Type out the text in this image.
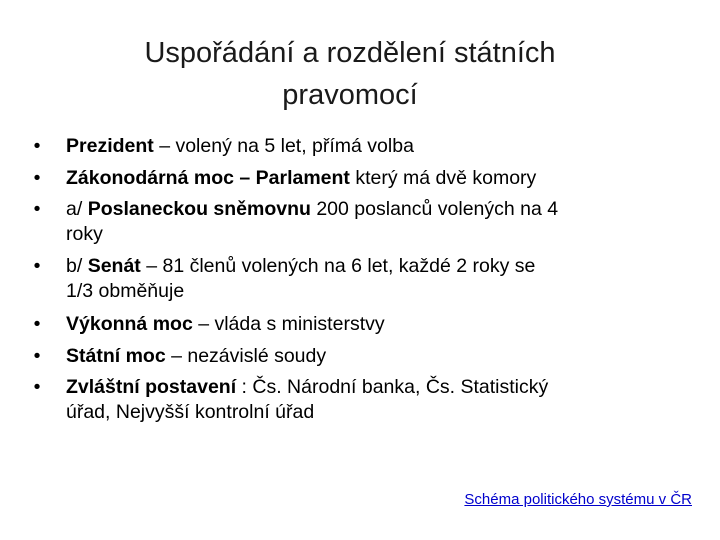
Uspořádání a rozdělení státních
pravomocí
• Prezident – volený na 5 let, přímá volba
• Zákonodárná moc – Parlament který má dvě komory
• a/ Poslaneckou sněmovnu 200 poslanců volených na 4
roky
• b/ Senát – 81 členů volených na 6 let, každé 2 roky se
1/3 obměňuje
• Výkonná moc – vláda s ministerstvy
• Státní moc – nezávislé soudy
• Zvláštní postavení : Čs. Národní banka, Čs. Statistický
úřad, Nejvyšší kontrolní úřad
Schéma politického systému v ČR
